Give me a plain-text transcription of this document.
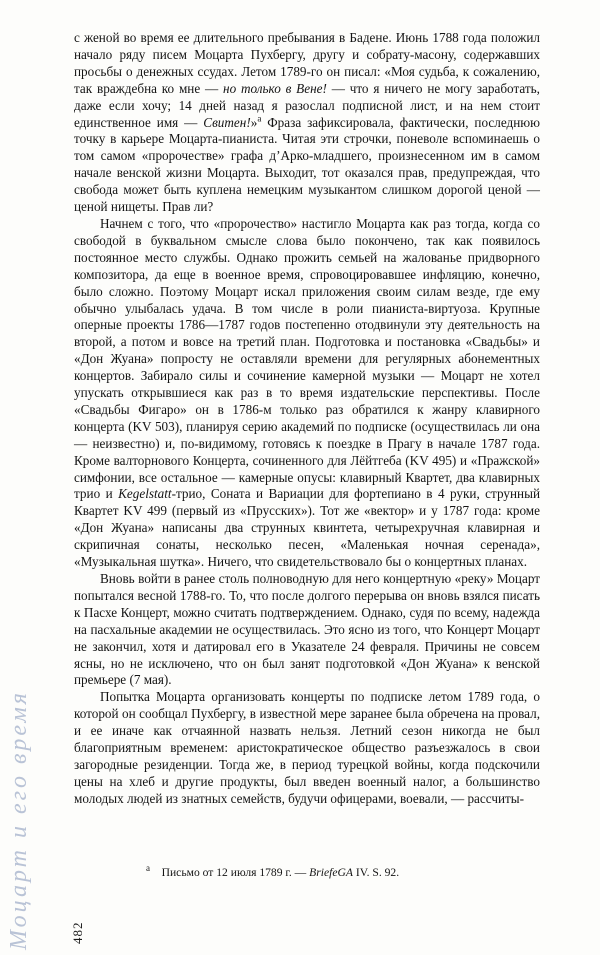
Моцарт и его время

с женой во время ее длительного пребывания в Бадене. Июнь 1788 года положил начало ряду писем Моцарта Пухбергу, другу и собрату-масону, содержавших просьбы о денежных ссудах. Летом 1789-го он писал: «Моя судьба, к сожалению, так враждебна ко мне — но только в Вене! — что я ничего не могу заработать, даже если хочу; 14 дней назад я разослал подписной лист, и на нем стоит единственное имя — Свитен!»$^а$ Фраза зафиксировала, фактически, последнюю точку в карьере Моцарта-пианиста. Читая эти строчки, поневоле вспоминаешь о том самом «пророчестве» графа д’Арко-младшего, произнесенном им в самом начале венской жизни Моцарта. Выходит, тот оказался прав, предупреждая, что свобода может быть куплена немецким музыкантом слишком дорогой ценой — ценой нищеты. Прав ли?

Начнем с того, что «пророчество» настигло Моцарта как раз тогда, когда со свободой в буквальном смысле слова было покончено, так как появилось постоянное место службы. Однако прожить семьей на жалованье придворного композитора, да еще в военное время, спровоцировавшее инфляцию, конечно, было сложно. Поэтому Моцарт искал приложения своим силам везде, где ему обычно улыбалась удача. В том числе в роли пианиста-виртуоза. Крупные оперные проекты 1786—1787 годов постепенно отодвинули эту деятельность на второй, а потом и вовсе на третий план. Подготовка и постановка «Свадьбы» и «Дон Жуана» попросту не оставляли времени для регулярных абонементных концертов. Забирало силы и сочинение камерной музыки — Моцарт не хотел упускать открывшиеся как раз в то время издательские перспективы. После «Свадьбы Фигаро» он в 1786-м только раз обратился к жанру клавирного концерта (KV 503), планируя серию академий по подписке (осуществилась ли она — неизвестно) и, по-видимому, готовясь к поездке в Прагу в начале 1787 года. Кроме валторнового Концерта, сочиненного для Лёйтгеба (KV 495) и «Пражской» симфонии, все остальное — камерные опусы: клавирный Квартет, два клавирных трио и Kegelstatt-трио, Соната и Вариации для фортепиано в 4 руки, струнный Квартет KV 499 (первый из «Прусских»). Тот же «вектор» и у 1787 года: кроме «Дон Жуана» написаны два струнных квинтета, четырехручная клавирная и скрипичная сонаты, несколько песен, «Маленькая ночная серенада», «Музыкальная шутка». Ничего, что свидетельствовало бы о концертных планах.

Вновь войти в ранее столь полноводную для него концертную «реку» Моцарт попытался весной 1788-го. То, что после долгого перерыва он вновь взялся писать к Пасхе Концерт, можно считать подтверждением. Однако, судя по всему, надежда на пасхальные академии не осуществилась. Это ясно из того, что Концерт Моцарт не закончил, хотя и датировал его в Указателе 24 февраля. Причины не совсем ясны, но не исключено, что он был занят подготовкой «Дон Жуана» к венской премьере (7 мая).

Попытка Моцарта организовать концерты по подписке летом 1789 года, о которой он сообщал Пухбергу, в известной мере заранее была обречена на провал, и ее иначе как отчаянной назвать нельзя. Летний сезон никогда не был благоприятным временем: аристократическое общество разъезжалось в свои загородные резиденции. Тогда же, в период турецкой войны, когда подскочили цены на хлеб и другие продукты, был введен военный налог, а большинство молодых людей из знатных семейств, будучи офицерами, воевали, — рассчиты-

$^а$    Письмо от 12 июля 1789 г. — BriefeGA IV. S. 92.
482
